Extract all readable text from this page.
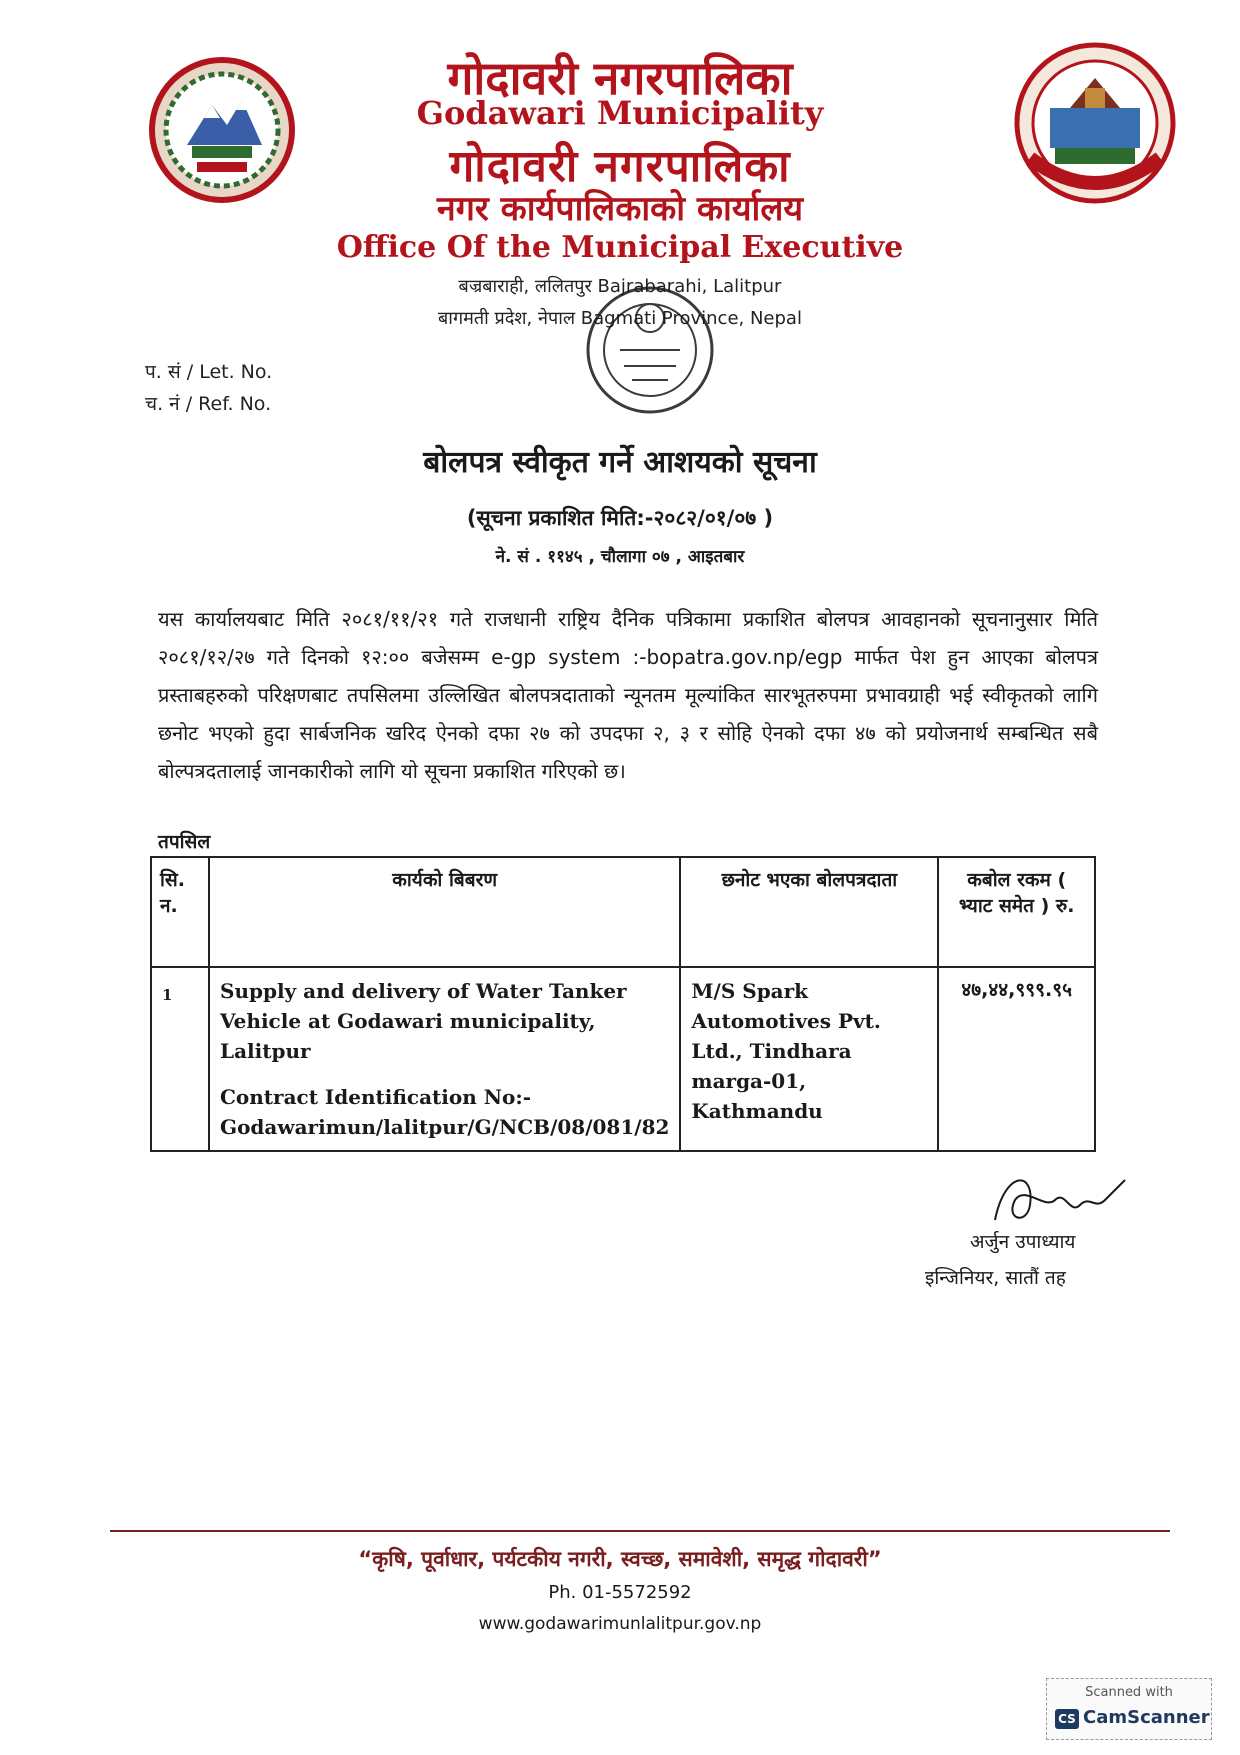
गोदावरी नगरपालिका
Godawari Municipality
गोदावरी नगरपालिका
नगर कार्यपालिकाको कार्यालय
Office Of the Municipal Executive
बज्रबाराही, ललितपुर Bajrabarahi, Lalitpur
बागमती प्रदेश, नेपाल Bagmati Province, Nepal
प. सं / Let. No.
च. नं / Ref. No.
बोलपत्र स्वीकृत गर्ने आशयको सूचना
(सूचना प्रकाशित मिति:-२०८२/०१/०७ )
ने. सं . ११४५ , चौलागा ०७ , आइतबार
यस कार्यालयबाट मिति २०८१/११/२१ गते राजधानी राष्ट्रिय दैनिक पत्रिकामा प्रकाशित बोलपत्र आवहानको सूचनानुसार मिति २०८१/१२/२७ गते दिनको १२:०० बजेसम्म e-gp system :-bopatra.gov.np/egp मार्फत पेश हुन आएका बोलपत्र प्रस्ताबहरुको परिक्षणबाट तपसिलमा उल्लिखित बोलपत्रदाताको न्यूनतम मूल्यांकित सारभूतरुपमा प्रभावग्राही भई स्वीकृतको लागि छनोट भएको हुदा सार्बजनिक खरिद ऐनको दफा २७ को उपदफा २, ३ र सोहि ऐनको दफा ४७ को प्रयोजनार्थ सम्बन्धित सबै बोल्पत्रदतालाई जानकारीको लागि यो सूचना प्रकाशित गरिएको छ।
तपसिल
सि. न.	कार्यको बिबरण	छनोट भएका बोलपत्रदाता	कबोल रकम ( भ्याट समेत ) रु.
1	Supply and delivery of Water Tanker Vehicle at Godawari municipality, Lalitpur
Contract Identification No:-
Godawarimun/lalitpur/G/NCB/08/081/82	M/S Spark Automotives Pvt. Ltd., Tindhara marga-01, Kathmandu	४७,४४,९९९.९५
अर्जुन उपाध्याय
इन्जिनियर, सातौं तह
“कृषि, पूर्वाधार, पर्यटकीय नगरी, स्वच्छ, समावेशी, समृद्ध गोदावरी”
Ph. 01-5572592
www.godawarimunlalitpur.gov.np
Scanned with
CS CamScanner
